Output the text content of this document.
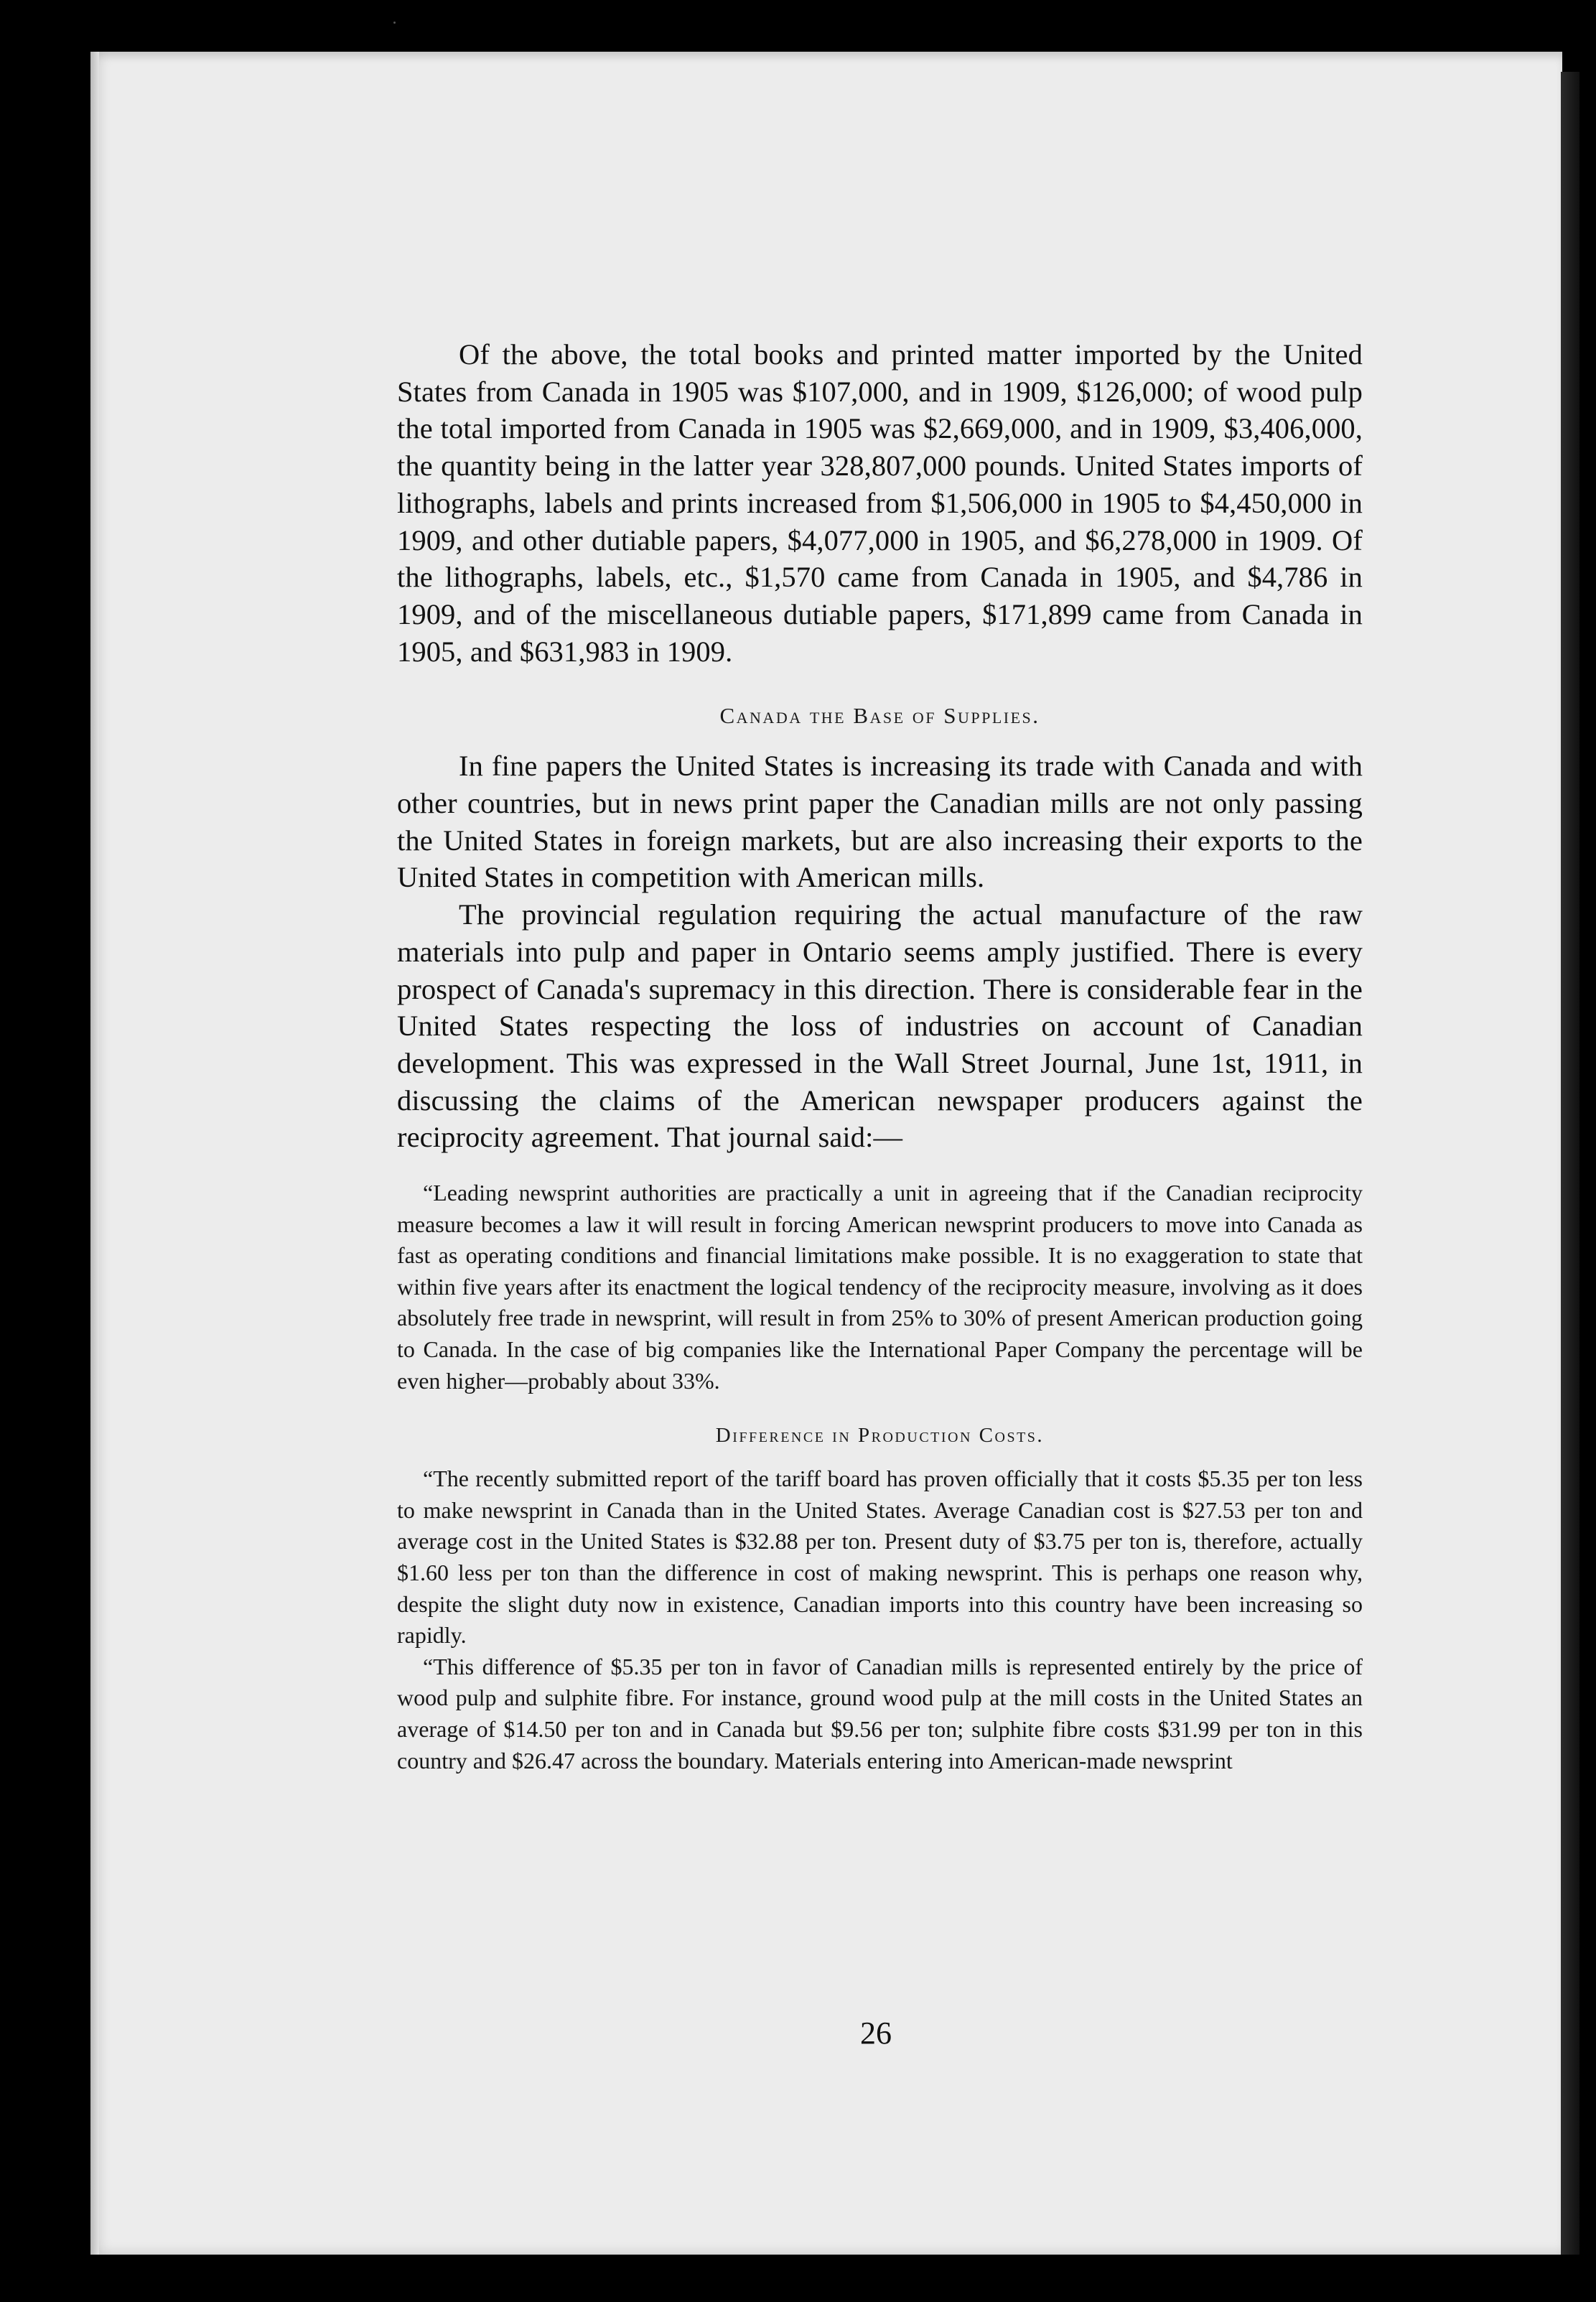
Of the above, the total books and printed matter imported by the United States from Canada in 1905 was $107,000, and in 1909, $126,000; of wood pulp the total imported from Canada in 1905 was $2,669,000, and in 1909, $3,406,000, the quantity being in the latter year 328,807,000 pounds. United States imports of lithographs, labels and prints increased from $1,506,000 in 1905 to $4,450,000 in 1909, and other dutiable papers, $4,077,000 in 1905, and $6,278,000 in 1909. Of the lithographs, labels, etc., $1,570 came from Canada in 1905, and $4,786 in 1909, and of the miscellaneous dutiable papers, $171,899 came from Canada in 1905, and $631,983 in 1909.

Canada the Base of Supplies.

In fine papers the United States is increasing its trade with Canada and with other countries, but in news print paper the Canadian mills are not only passing the United States in foreign markets, but are also increasing their exports to the United States in competition with American mills.

The provincial regulation requiring the actual manufacture of the raw materials into pulp and paper in Ontario seems amply justified. There is every prospect of Canada's supremacy in this direction. There is considerable fear in the United States respecting the loss of industries on account of Canadian development. This was expressed in the Wall Street Journal, June 1st, 1911, in discussing the claims of the American newspaper producers against the reciprocity agreement. That journal said:—

“Leading newsprint authorities are practically a unit in agreeing that if the Canadian reciprocity measure becomes a law it will result in forcing American newsprint producers to move into Canada as fast as operating conditions and financial limitations make possible. It is no exaggeration to state that within five years after its enactment the logical tendency of the reciprocity measure, involving as it does absolutely free trade in newsprint, will result in from 25% to 30% of present American production going to Canada. In the case of big companies like the International Paper Company the percentage will be even higher—probably about 33%.

Difference in Production Costs.

“The recently submitted report of the tariff board has proven officially that it costs $5.35 per ton less to make newsprint in Canada than in the United States. Average Canadian cost is $27.53 per ton and average cost in the United States is $32.88 per ton. Present duty of $3.75 per ton is, therefore, actually $1.60 less per ton than the difference in cost of making newsprint. This is perhaps one reason why, despite the slight duty now in existence, Canadian imports into this country have been increasing so rapidly.

“This difference of $5.35 per ton in favor of Canadian mills is represented entirely by the price of wood pulp and sulphite fibre. For instance, ground wood pulp at the mill costs in the United States an average of $14.50 per ton and in Canada but $9.56 per ton; sulphite fibre costs $31.99 per ton in this country and $26.47 across the boundary. Materials entering into American-made newsprint

26
